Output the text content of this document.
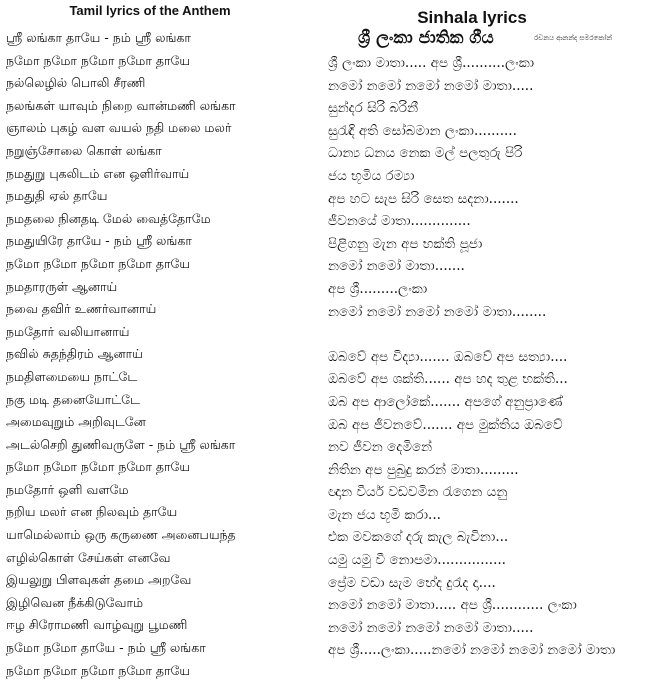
Tamil lyrics of the Anthem
ஸ்ரீ லங்கா தாயே - நம் ஸ்ரீ லங்கா
நமோ நமோ நமோ நமோ தாயே
நல்லெழில் பொலி சீரணி
நலங்கள் யாவும் நிறை வான்மணி லங்கா
ஞாலம் புகழ் வள வயல் நதி மலை மலர்
நறுஞ்சோலை கொள் லங்கா
நமதுறு புகலிடம் என ஒளிர்வாய்
நமதுதி ஏல் தாயே
நமதலை நினதடி மேல் வைத்தோமே
நமதுயிரே தாயே - நம் ஸ்ரீ லங்கா
நமோ நமோ நமோ நமோ தாயே
நமதாரருள் ஆனாய்
நவை தவிர் உணர்வானாய்
நமதோர் வலியானாய்
நவில் சுதந்திரம் ஆனாய்
நமதிளமையை நாட்டே
நகு மடி தனையோட்டே
அமைவுறும் அறிவுடனே
அடல்செறி துணிவருளே - நம் ஸ்ரீ லங்கா
நமோ நமோ நமோ நமோ தாயே
நமதோர் ஒளி வளமே
நறிய மலர் என நிலவும் தாயே
யாமெல்லாம் ஒரு கருணை அனைபயந்த
எழில்கொள் சேய்கள் எனவே
இயலுறு பிளவுகள் தமை அறவே
இழிவென நீக்கிடுவோம்
ஈழ சிரோமணி வாழ்வுறு பூமணி
நமோ நமோ தாயே - நம் ஸ்ரீ லங்கா
நமோ நமோ நமோ நமோ தாயே
Sinhala lyrics
ශ්‍රී ලංකා ජාතික ගීය	රචනය ආනන්ද සමරකෝන්
ශ්‍රී ලංකා මාතා..... අප ශ්‍රී..........ලංකා
නමෝ නමෝ නමෝ නමෝ මාතා.....
සුන්දර සිරි බරිනී
සුරැඳි අති සෝබමාන ලංකා..........
ධාන්‍ය ධනය නෙක මල් පලතුරු පිරි
ජය භූමිය රම්‍යා
අප හට සැප සිරි සෙත සදනා.......
ජීවනයේ මාතා..............
පිළිගනු මැන අප භක්ති පූජා
නමෝ නමෝ මාතා.......
අප ශ්‍රී.........ලංකා
නමෝ නමෝ නමෝ නමෝ මාතා........
ඔබවේ අප විද්‍යා....... ඔබවේ අප සත්‍යා....
ඔබවේ අප ශක්ති...... අප හද තුළ භක්ති...
ඔබ අප ආලෝකේ....... අපගේ අනුප්‍රාණේ
ඔබ අප ජීවනවේ....... අප මුක්තිය ඔබවේ
නව ජීවන දෙමිනේ
නිතින අප පුබුදු කරන් මාතා.........
ඥාන වීර්ය වඩවමින රැගෙන යනු
මැන ජය භූමි කරා...
එක මවකගේ දරු කැල බැවිනා...
යමු යමු වී නොපමා................
ප්‍රේම වඩා සැම භේද දුරැද දා....
නමෝ නමෝ මාතා..... අප ශ්‍රී............ ලංකා
නමෝ නමෝ නමෝ නමෝ මාතා.....
අප ශ්‍රී.....ලංකා.....නමෝ නමෝ නමෝ නමෝ මාතා
